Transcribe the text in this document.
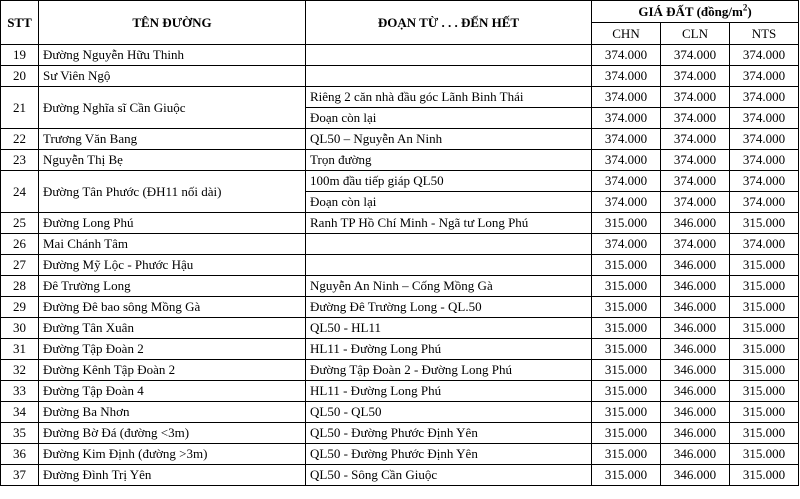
STT	TÊN ĐƯỜNG	ĐOẠN TỪ . . . ĐẾN HẾT	GIÁ ĐẤT $(đồng/m^2)$		
			CHN	CLN	NTS
19	Đường Nguyễn Hữu Thinh		374.000	374.000	374.000
20	Sư Viên Ngộ		374.000	374.000	374.000
21	Đường Nghĩa sĩ Cần Giuộc	Riêng 2 căn nhà đầu góc Lãnh Binh Thái	374.000	374.000	374.000
		Đoạn còn lại	374.000	374.000	374.000
22	Trương Văn Bang	QL50 – Nguyễn An Ninh	374.000	374.000	374.000
23	Nguyễn Thị Bẹ	Trọn đường	374.000	374.000	374.000
24	Đường Tân Phước (ĐH11 nối dài)	100m đầu tiếp giáp QL50	374.000	374.000	374.000
		Đoạn còn lại	374.000	374.000	374.000
25	Đường Long Phú	Ranh TP Hồ Chí Minh - Ngã tư Long Phú	315.000	346.000	315.000
26	Mai Chánh Tâm		374.000	374.000	374.000
27	Đường Mỹ Lộc - Phước Hậu		315.000	346.000	315.000
28	Đê Trường Long	Nguyễn An Ninh – Cống Mồng Gà	315.000	346.000	315.000
29	Đường Đê bao sông Mồng Gà	Đường Đê Trường Long - QL.50	315.000	346.000	315.000
30	Đường Tân Xuân	QL50 - HL11	315.000	346.000	315.000
31	Đường Tập Đoàn 2	HL11 - Đường Long Phú	315.000	346.000	315.000
32	Đường Kênh Tập Đoàn 2	Đường Tập Đoàn 2 - Đường Long Phú	315.000	346.000	315.000
33	Đường Tập Đoàn 4	HL11 - Đường Long Phú	315.000	346.000	315.000
34	Đường Ba Nhơn	QL50 - QL50	315.000	346.000	315.000
35	Đường Bờ Đá (đường <3m)	QL50 - Đường Phước Định Yên	315.000	346.000	315.000
36	Đường Kim Định (đường >3m)	QL50 - Đường Phước Định Yên	315.000	346.000	315.000
37	Đường Đình Trị Yên	QL50 - Sông Cần Giuộc	315.000	346.000	315.000
